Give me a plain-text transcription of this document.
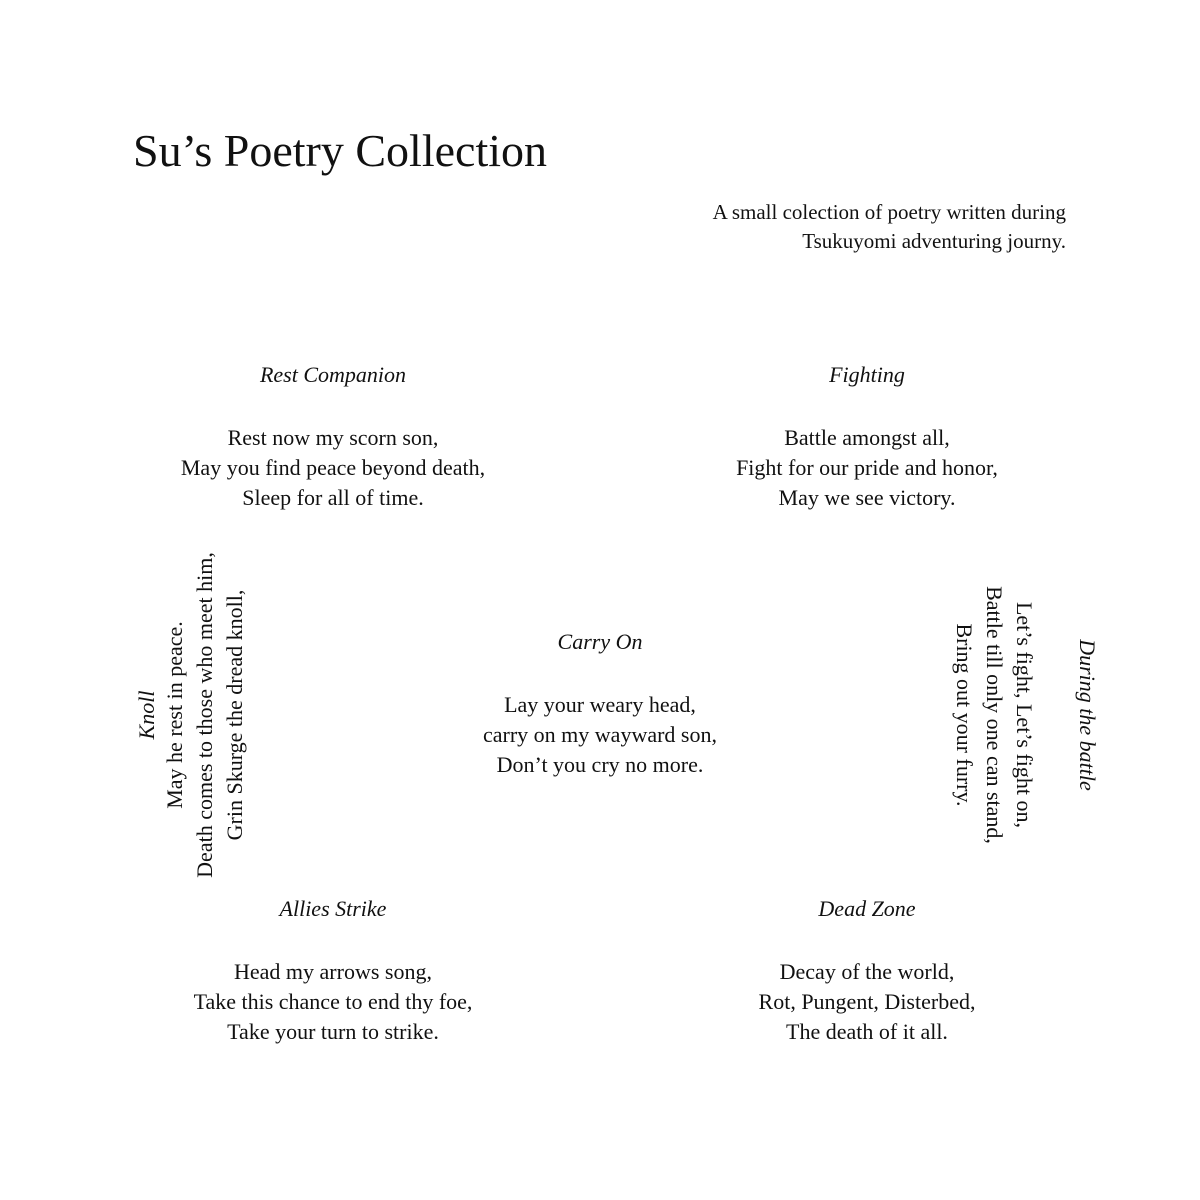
Su’s Poetry Collection
A small colection of poetry written during
Tsukuyomi adventuring journy.
Rest Companion
Rest now my scorn son,
May you find peace beyond death,
Sleep for all of time.
Fighting
Battle amongst all,
Fight for our pride and honor,
May we see victory.
Carry On
Lay your weary head,
carry on my wayward son,
Don’t you cry no more.
Knoll	Grin Skurge the dread knoll,
Death comes to those who meet him,
May he rest in peace.	During the battle
Let’s fight, Let’s fight on,
Battle till only one can stand,
Bring out your furry.
Allies Strike
Head my arrows song,
Take this chance to end thy foe,
Take your turn to strike.
Dead Zone
Decay of the world,
Rot, Pungent, Disterbed,
The death of it all.
